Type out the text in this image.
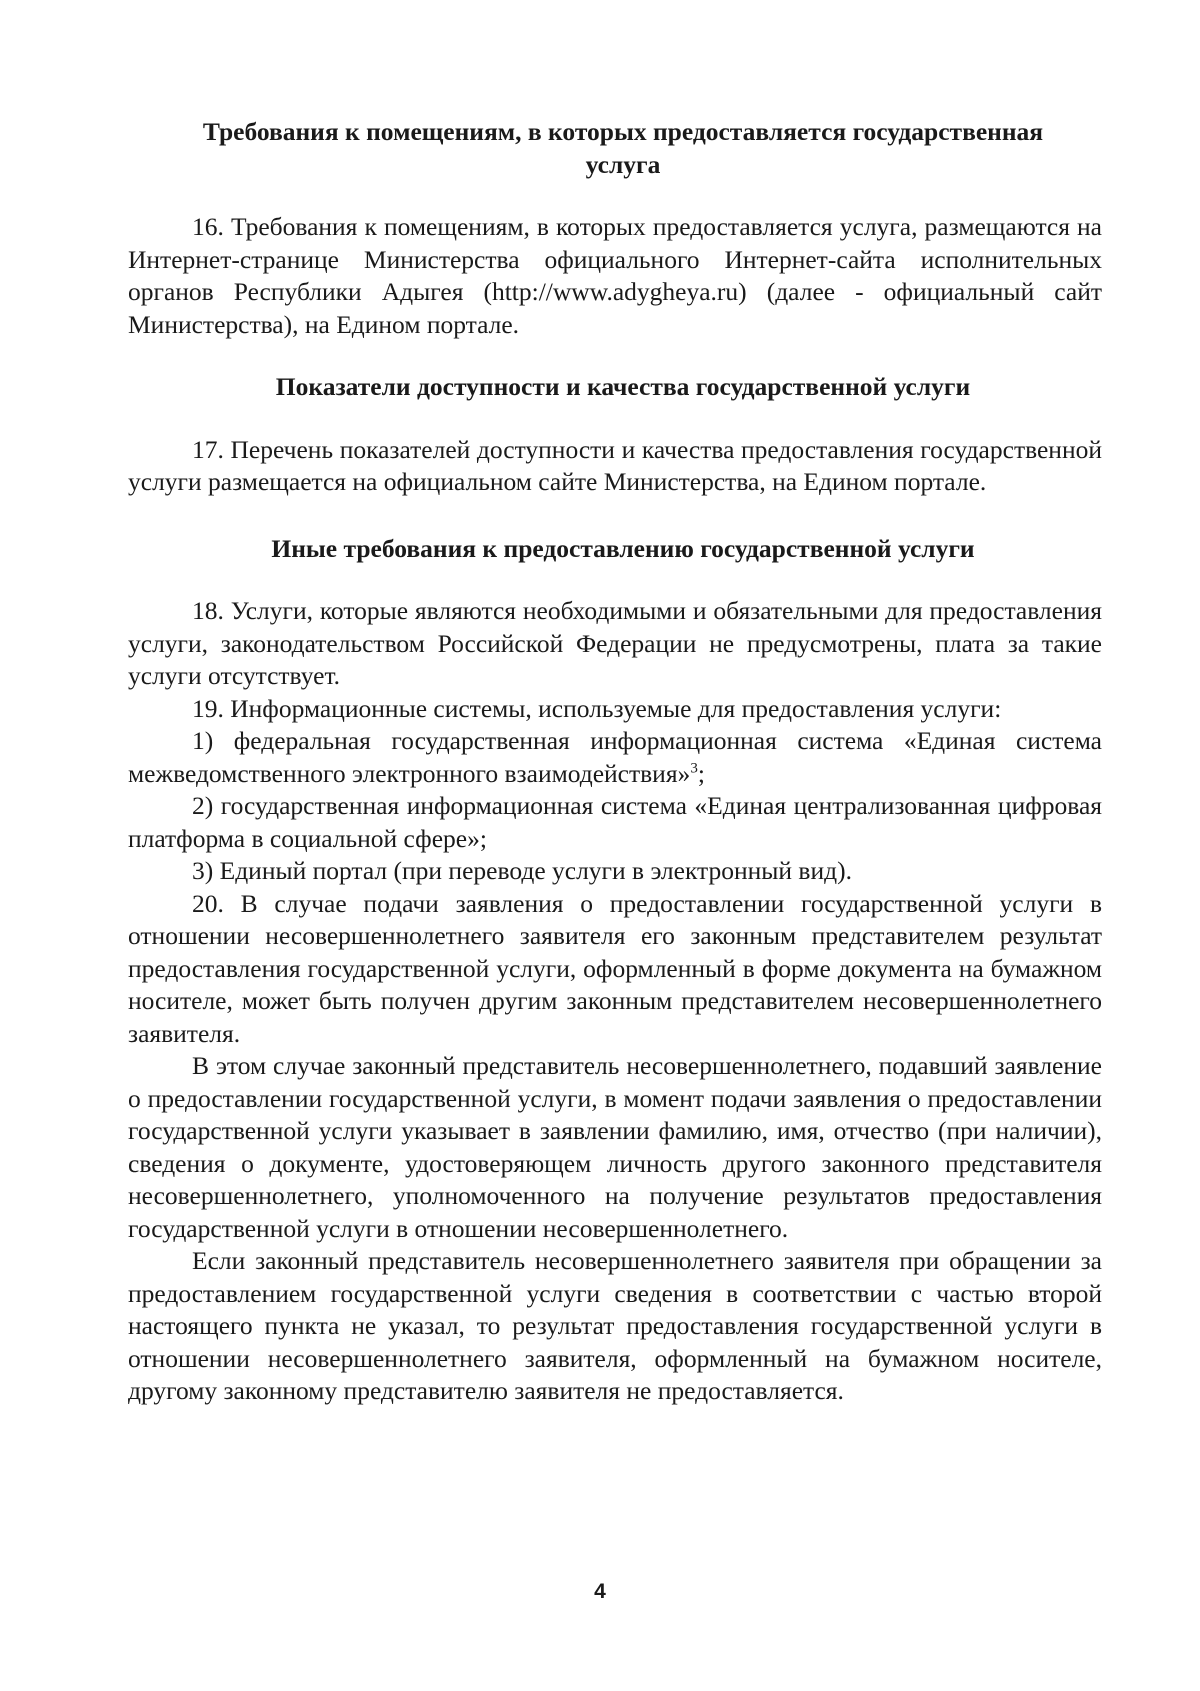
Требования к помещениям, в которых предоставляется государственная услуга

16. Требования к помещениям, в которых предоставляется услуга, размещаются на Интернет-странице Министерства официального Интернет-сайта исполнительных органов Республики Адыгея (http://www.adygheya.ru) (далее - официальный сайт Министерства), на Едином портале.

Показатели доступности и качества государственной услуги

17. Перечень показателей доступности и качества предоставления государственной услуги размещается на официальном сайте Министерства, на Едином портале.

Иные требования к предоставлению государственной услуги

18. Услуги, которые являются необходимыми и обязательными для предоставления услуги, законодательством Российской Федерации не предусмотрены, плата за такие услуги отсутствует.

19. Информационные системы, используемые для предоставления услуги:

1) федеральная государственная информационная система «Единая система межведомственного электронного взаимодействия»$^3$;

2) государственная информационная система «Единая централизованная цифровая платформа в социальной сфере»;

3) Единый портал (при переводе услуги в электронный вид).

20. В случае подачи заявления о предоставлении государственной услуги в отношении несовершеннолетнего заявителя его законным представителем результат предоставления государственной услуги, оформленный в форме документа на бумажном носителе, может быть получен другим законным представителем несовершеннолетнего заявителя.

В этом случае законный представитель несовершеннолетнего, подавший заявление о предоставлении государственной услуги, в момент подачи заявления о предоставлении государственной услуги указывает в заявлении фамилию, имя, отчество (при наличии), сведения о документе, удостоверяющем личность другого законного представителя несовершеннолетнего, уполномоченного на получение результатов предоставления государственной услуги в отношении несовершеннолетнего.

Если законный представитель несовершеннолетнего заявителя при обращении за предоставлением государственной услуги сведения в соответствии с частью второй настоящего пункта не указал, то результат предоставления государственной услуги в отношении несовершеннолетнего заявителя, оформленный на бумажном носителе, другому законному представителю заявителя не предоставляется.

4
